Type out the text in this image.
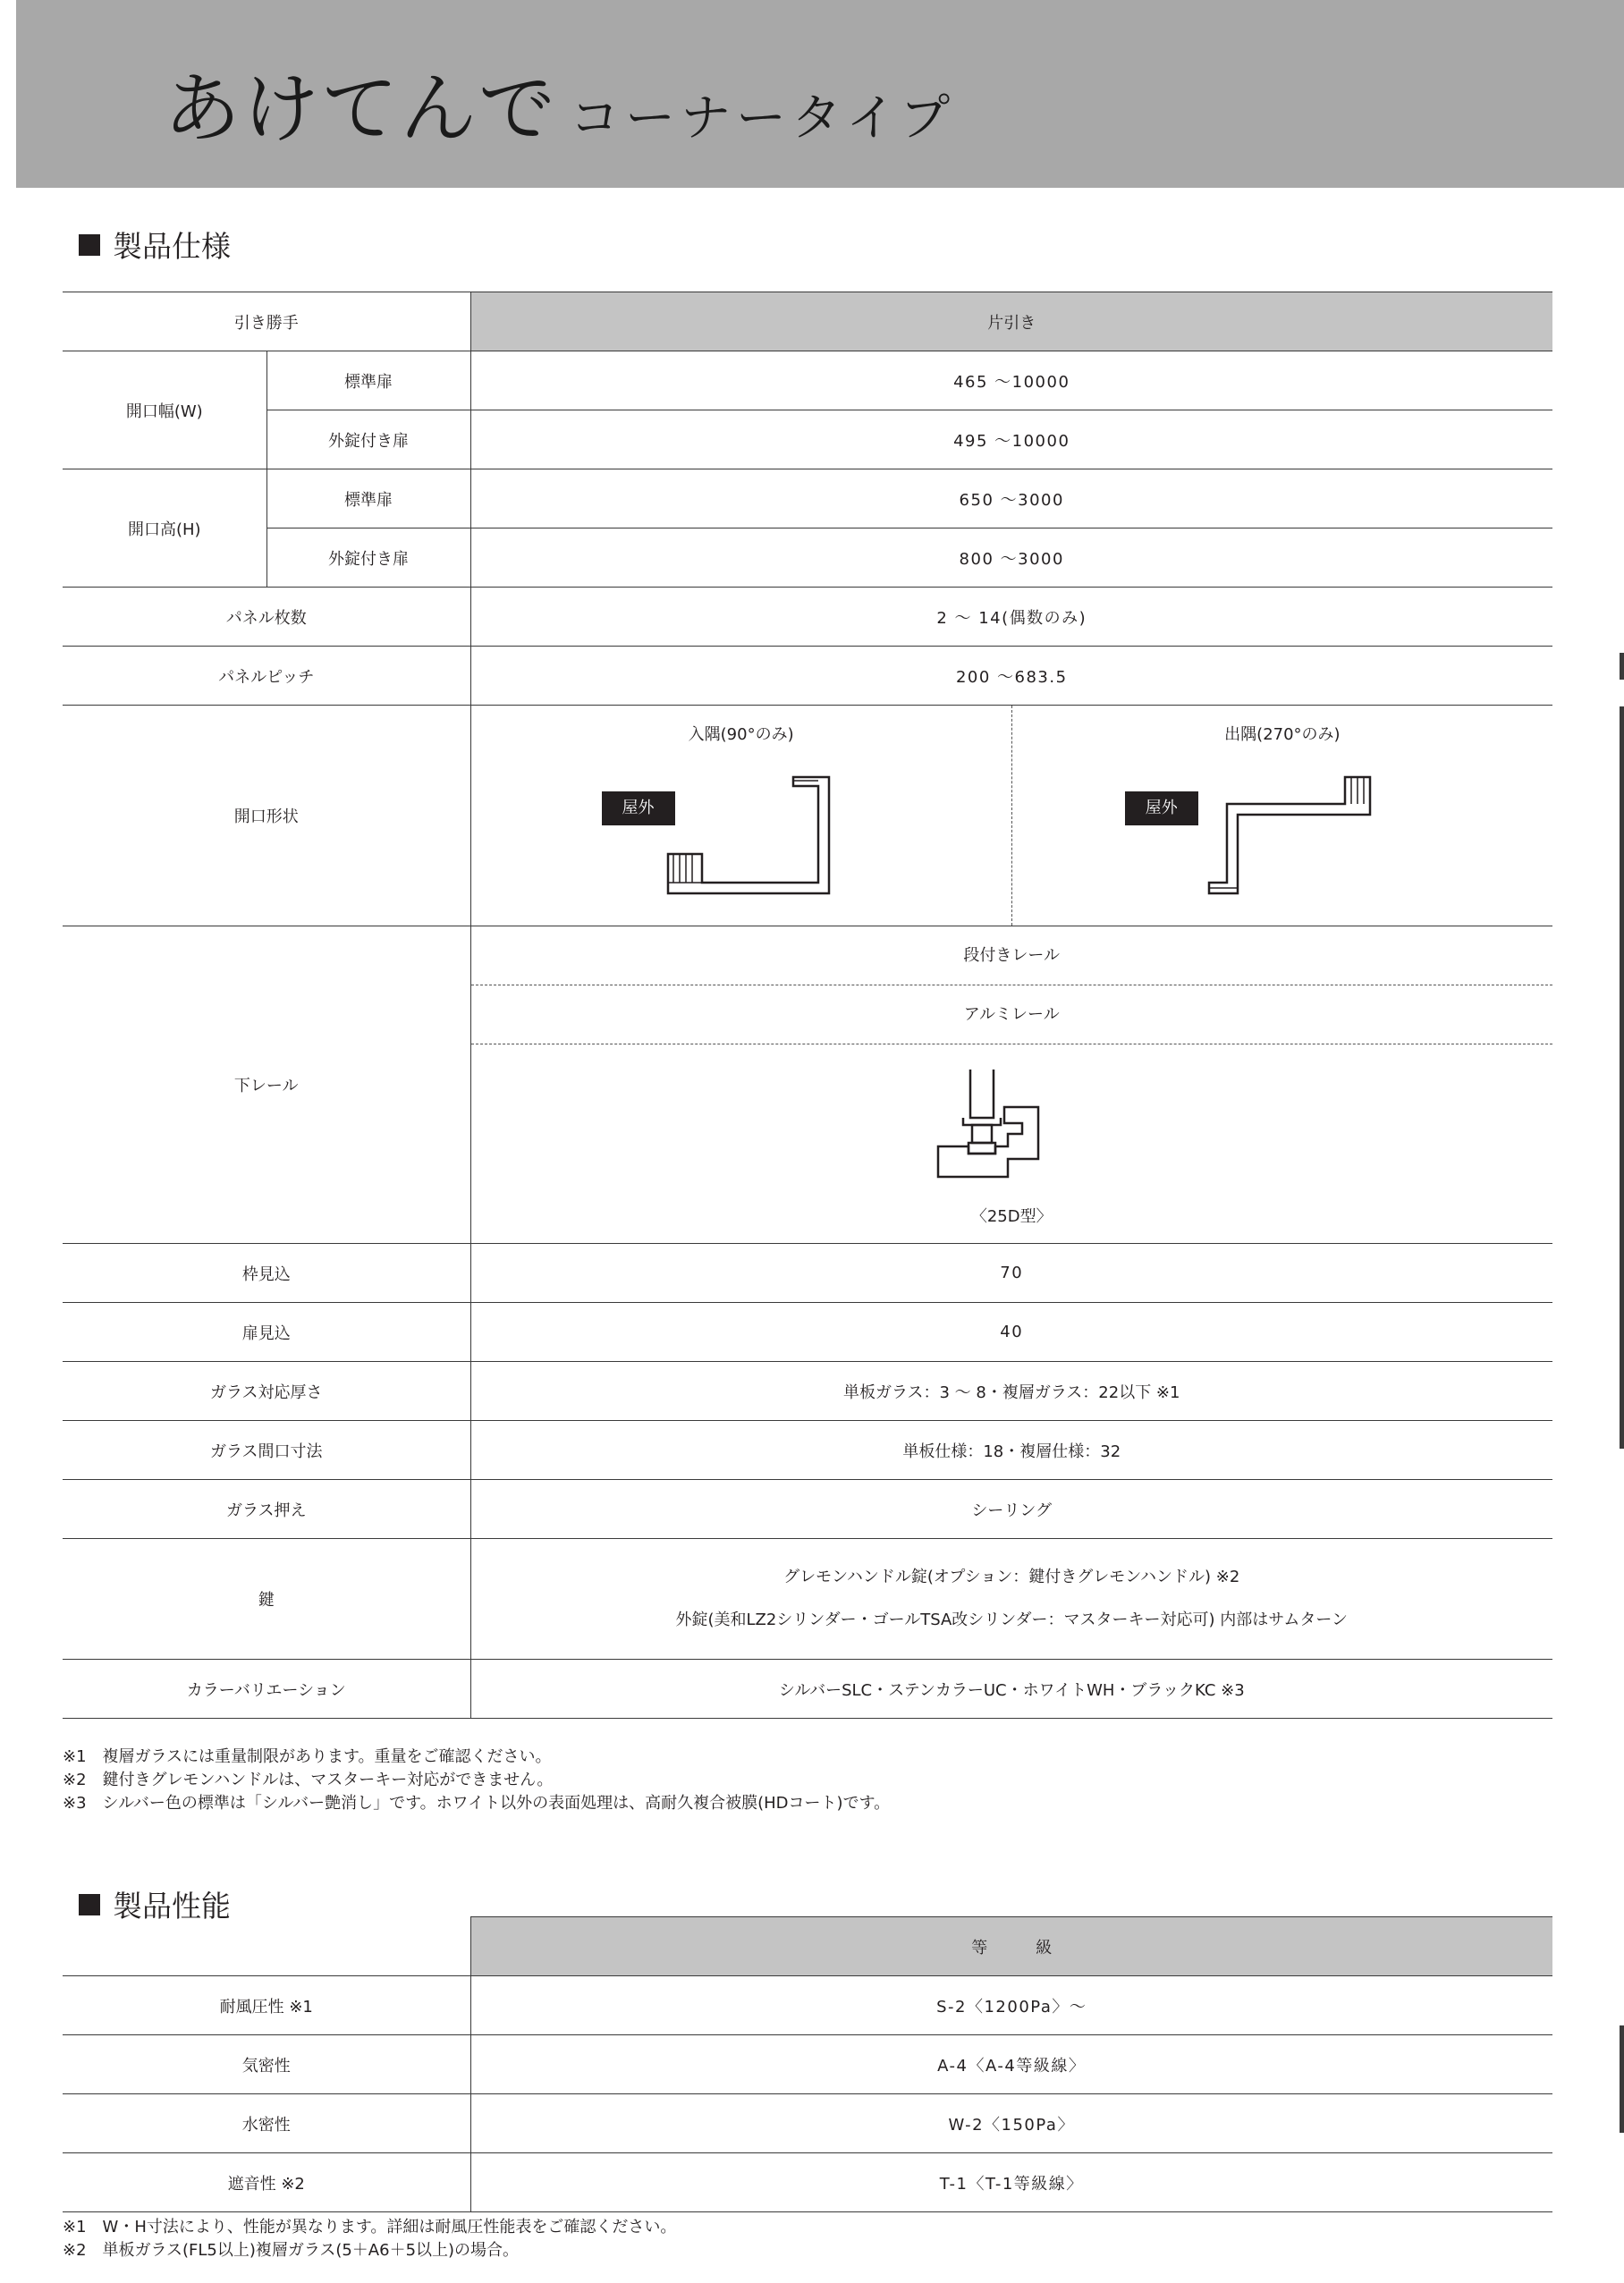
あけてんで コーナータイプ
製品仕様
引き勝手		片引き
開口幅(W)	標準扉	465 ～10000
	外錠付き扉	495 ～10000
開口高(H)	標準扉	650 ～3000
	外錠付き扉	800 ～3000
パネル枚数		2 ～ 14(偶数のみ)
パネルピッチ		200 ～683.5
開口形状		入隅(90°のみ)
屋外
出隅(270°のみ)
屋外

下レール		段付きレール
アルミレール
〈25D型〉

枠見込		70
扉見込		40
ガラス対応厚さ		単板ガラス：3 ～ 8・複層ガラス：22以下 ※1
ガラス間口寸法		単板仕様：18・複層仕様：32
ガラス押え		シーリング
鍵		グレモンハンドル錠(オプション：鍵付きグレモンハンドル) ※2
外錠(美和LZ2シリンダー・ゴールTSA改シリンダー：マスターキー対応可) 内部はサムターン

カラーバリエーション		シルバーSLC・ステンカラーUC・ホワイトWH・ブラックKC ※3
※1　複層ガラスには重量制限があります。重量をご確認ください。
※2　鍵付きグレモンハンドルは、マスターキー対応ができません。
※3　シルバー色の標準は「シルバー艶消し」です。ホワイト以外の表面処理は、高耐久複合被膜(HDコート)です。
製品性能
	等　　　級
耐風圧性 ※1	S-2〈1200Pa〉～
気密性	A-4〈A-4等級線〉
水密性	W-2〈150Pa〉
遮音性 ※2	T-1〈T-1等級線〉
※1　W・H寸法により、性能が異なります。詳細は耐風圧性能表をご確認ください。
※2　単板ガラス(FL5以上)複層ガラス(5＋A6＋5以上)の場合。
